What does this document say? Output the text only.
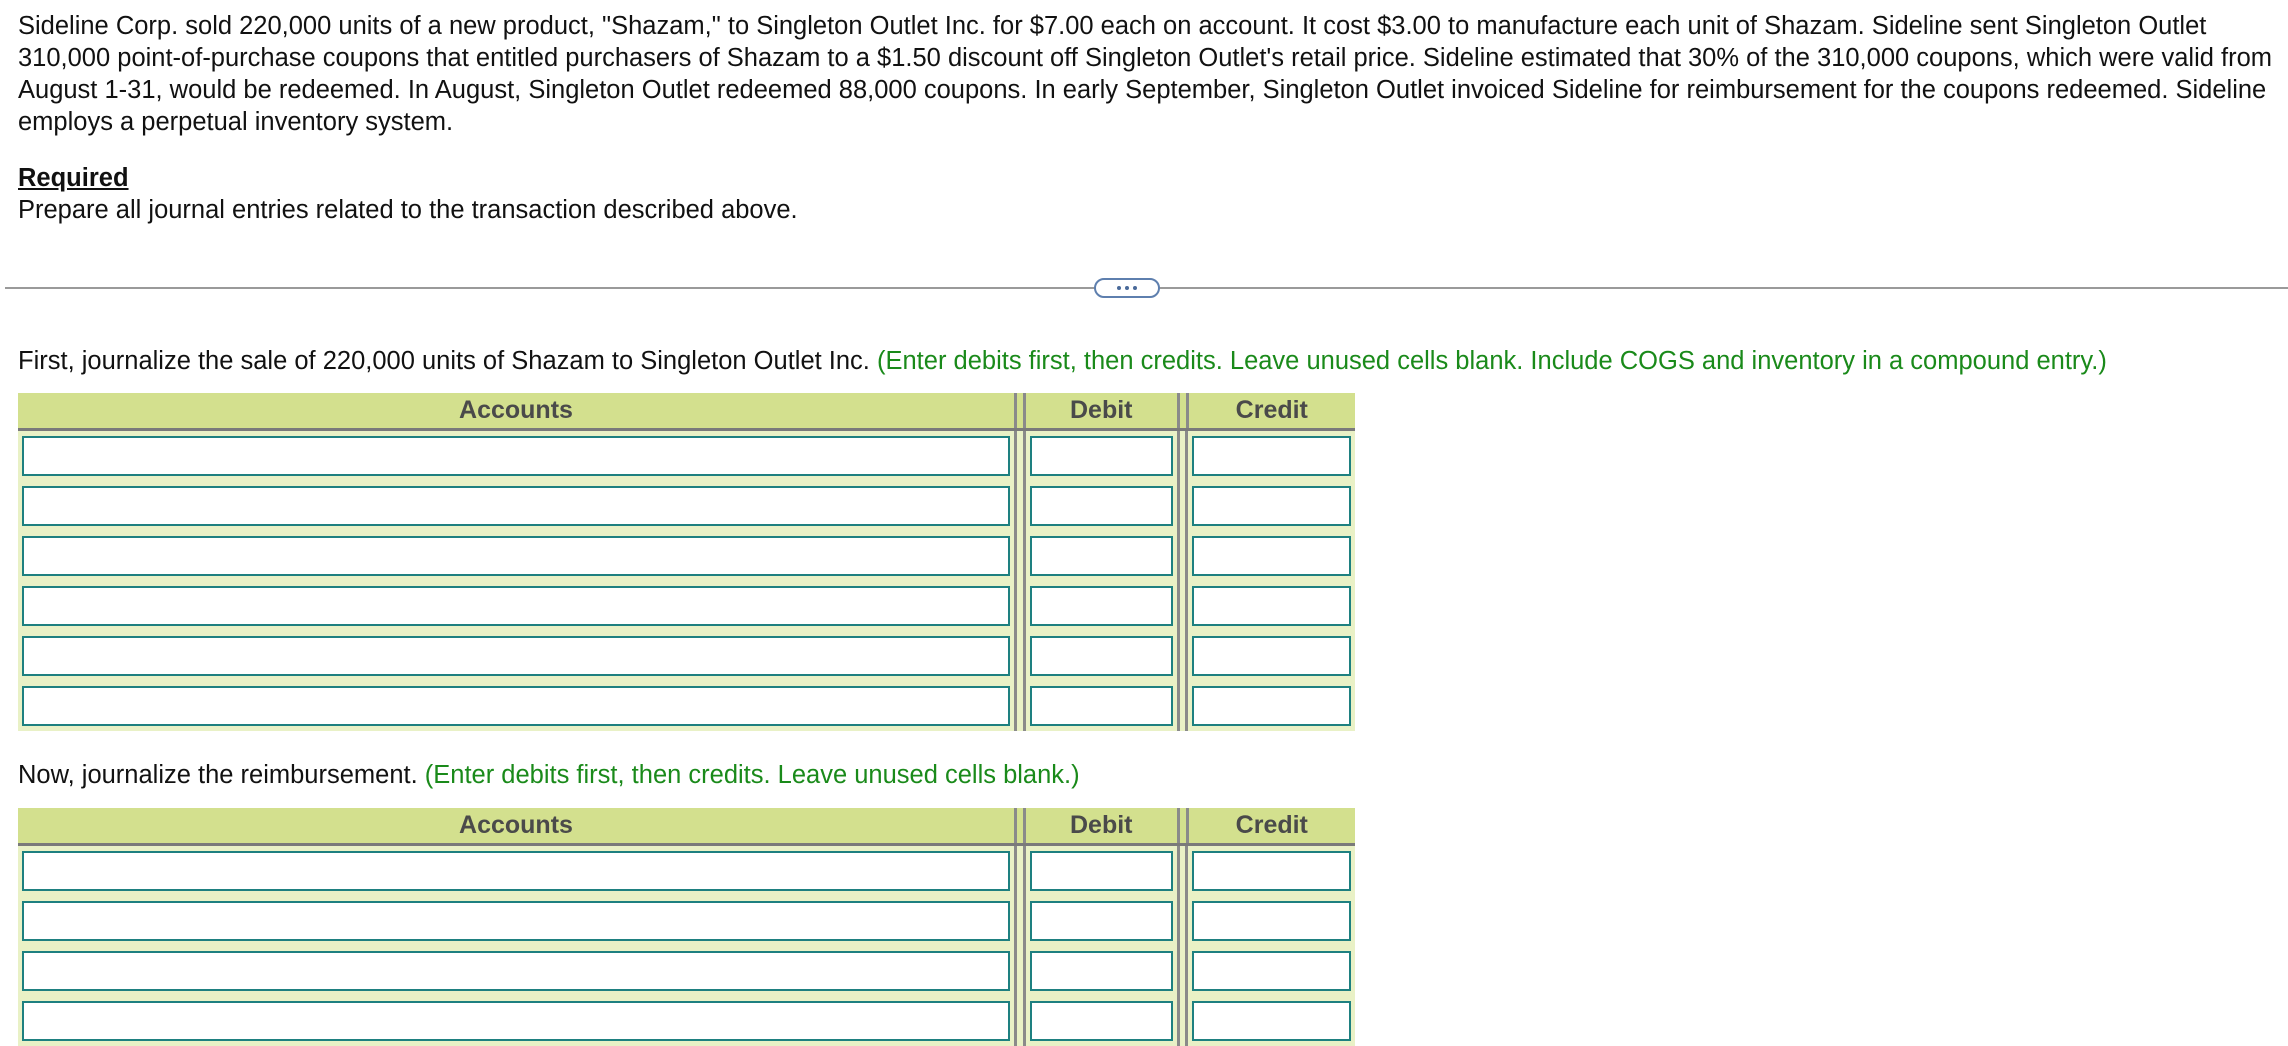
Sideline Corp. sold 220,000 units of a new product, "Shazam," to Singleton Outlet Inc. for $7.00 each on account. It cost $3.00 to manufacture each unit of Shazam. Sideline sent Singleton Outlet 310,000 point-of-purchase coupons that entitled purchasers of Shazam to a $1.50 discount off Singleton Outlet's retail price. Sideline estimated that 30% of the 310,000 coupons, which were valid from August 1-31, would be redeemed. In August, Singleton Outlet redeemed 88,000 coupons. In early September, Singleton Outlet invoiced Sideline for reimbursement for the coupons redeemed. Sideline employs a perpetual inventory system.

Required
Prepare all journal entries related to the transaction described above.
First, journalize the sale of 220,000 units of Shazam to Singleton Outlet Inc. (Enter debits first, then credits. Leave unused cells blank. Include COGS and inventory in a compound entry.)
Accounts	Debit	Credit
Now, journalize the reimbursement. (Enter debits first, then credits. Leave unused cells blank.)
Accounts	Debit	Credit
